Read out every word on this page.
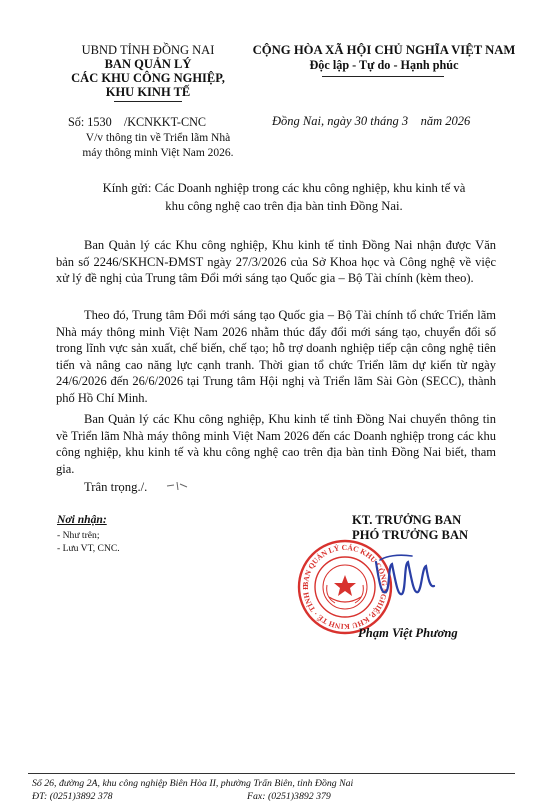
UBND TỈNH ĐỒNG NAI
BAN QUẢN LÝ
CÁC KHU CÔNG NGHIỆP,
KHU KINH TẾ
CỘNG HÒA XÃ HỘI CHỦ NGHĨA VIỆT NAM
Độc lập - Tự do - Hạnh phúc
Số: 1530    /KCNKKT-CNC
V/v thông tin về Triển lãm Nhà
máy thông minh Việt Nam 2026.
Đồng Nai, ngày 30 tháng 3    năm 2026
Kính gửi: Các Doanh nghiệp trong các khu công nghiệp, khu kinh tế và
khu công nghệ cao trên địa bàn tỉnh Đồng Nai.
Ban Quản lý các Khu công nghiệp, Khu kinh tế tỉnh Đồng Nai nhận được Văn bản số 2246/SKHCN-ĐMST ngày 27/3/2026 của Sở Khoa học và Công nghệ về việc xử lý đề nghị của Trung tâm Đổi mới sáng tạo Quốc gia – Bộ Tài chính (kèm theo).
Theo đó, Trung tâm Đổi mới sáng tạo Quốc gia – Bộ Tài chính tổ chức Triển lãm Nhà máy thông minh Việt Nam 2026 nhằm thúc đẩy đổi mới sáng tạo, chuyển đổi số trong lĩnh vực sản xuất, chế biến, chế tạo; hỗ trợ doanh nghiệp tiếp cận công nghệ tiên tiến và nâng cao năng lực cạnh tranh. Thời gian tổ chức Triển lãm dự kiến từ ngày 24/6/2026 đến 26/6/2026 tại Trung tâm Hội nghị và Triển lãm Sài Gòn (SECC), thành phố Hồ Chí Minh.
Ban Quản lý các Khu công nghiệp, Khu kinh tế tỉnh Đồng Nai chuyển thông tin về Triển lãm Nhà máy thông minh Việt Nam 2026 đến các Doanh nghiệp trong các khu công nghiệp, khu kinh tế và khu công nghệ cao trên địa bàn tỉnh Đồng Nai biết, tham gia.
Trân trọng./.
Nơi nhận:
- Như trên;
- Lưu VT, CNC.
KT. TRƯỞNG BAN
PHÓ TRƯỞNG BAN
BAN QUẢN LÝ CÁC KHU CÔNG NGHIỆP, KHU KINH TẾ · TỈNH Đ
Phạm Việt Phương
Số 26, đường 2A, khu công nghiệp Biên Hòa II, phường Trấn Biên, tỉnh Đồng Nai
ĐT: (0251)3892 378	Fax: (0251)3892 379
